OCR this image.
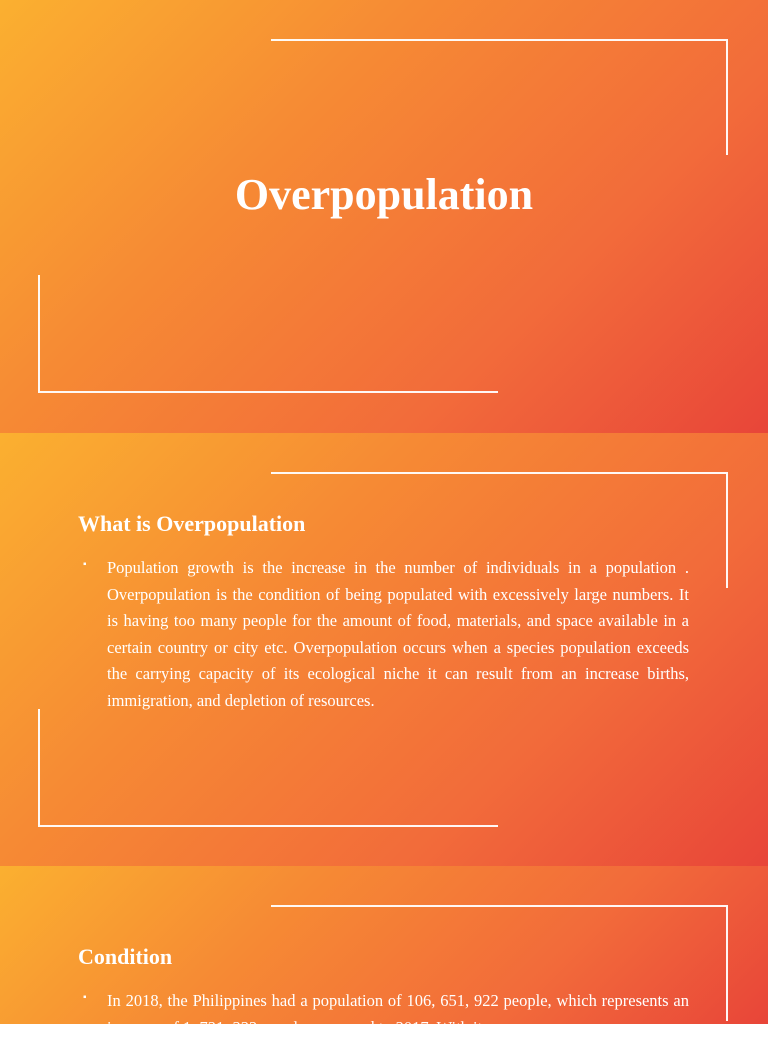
Overpopulation
What is Overpopulation
▪ Population growth is the increase in the number of individuals in a population . Overpopulation is the condition of being populated with excessively large numbers. It is having too many people for the amount of food, materials, and space available in a certain country or city etc. Overpopulation occurs when a species population exceeds the carrying capacity of its ecological niche it can result from an increase births, immigration, and depletion of resources.
Condition
▪ In 2018, the Philippines had a population of 106, 651, 922 people, which represents an increase of 1, 731, 332 people compared to 2017. With its
